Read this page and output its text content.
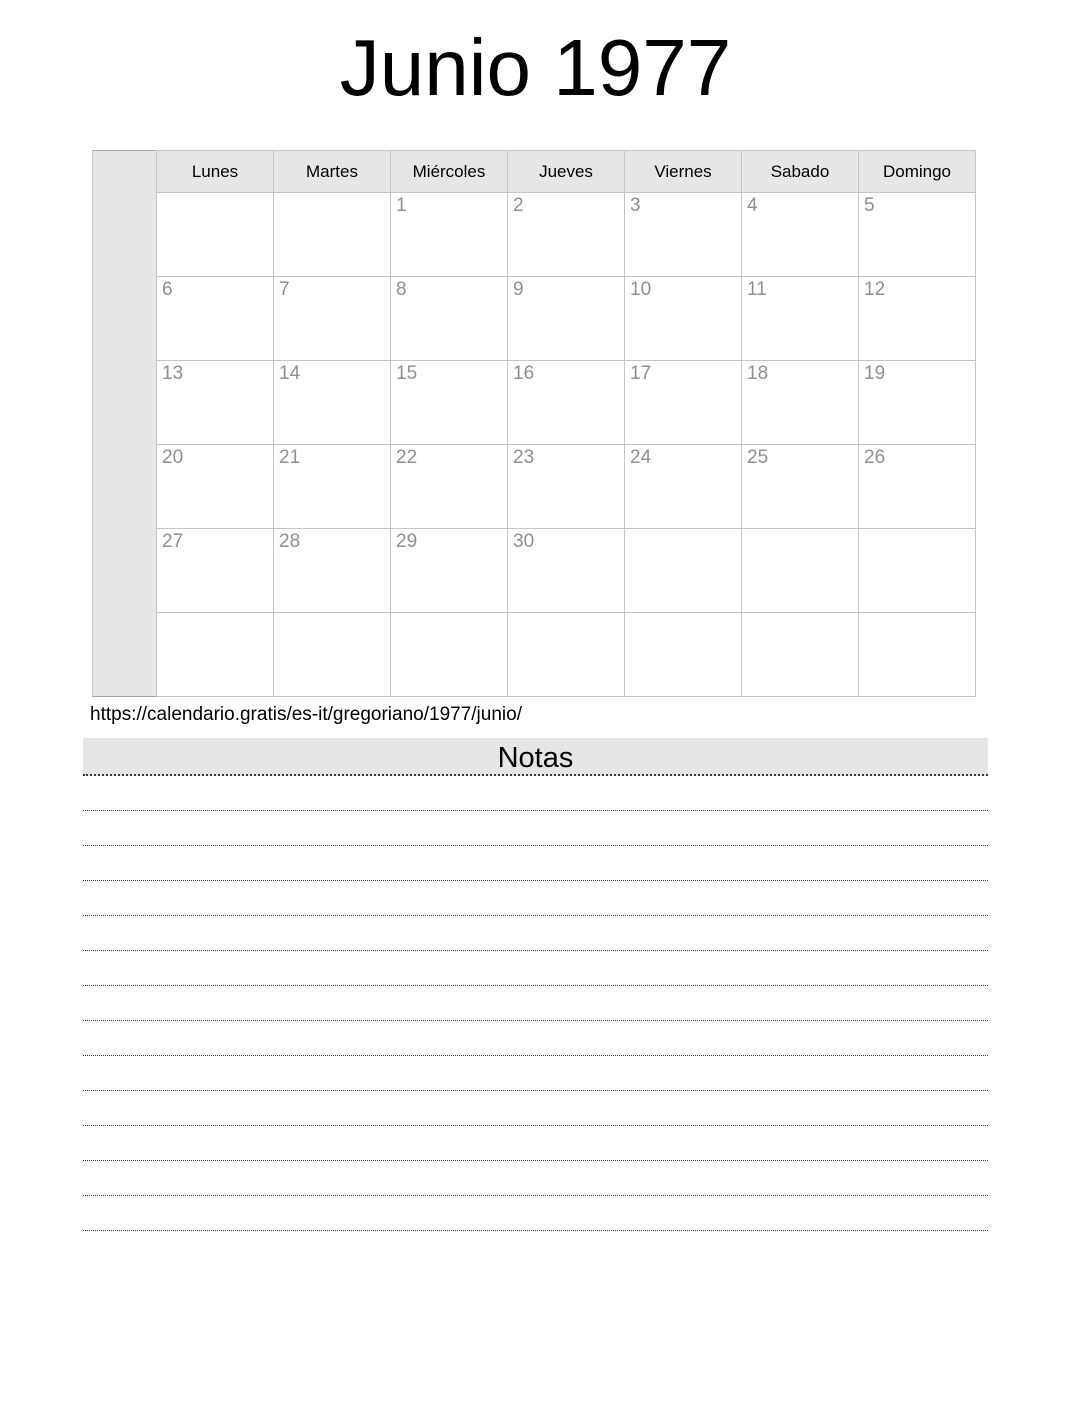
Junio 1977
	Lunes	Martes	Miércoles	Jueves	Viernes	Sabado	Domingo

			1	2	3	4	5

	6	7	8	9	10	11	12

	13	14	15	16	17	18	19

	20	21	22	23	24	25	26

	27	28	29	30			

https://calendario.gratis/es-it/gregoriano/1977/junio/
Notas
